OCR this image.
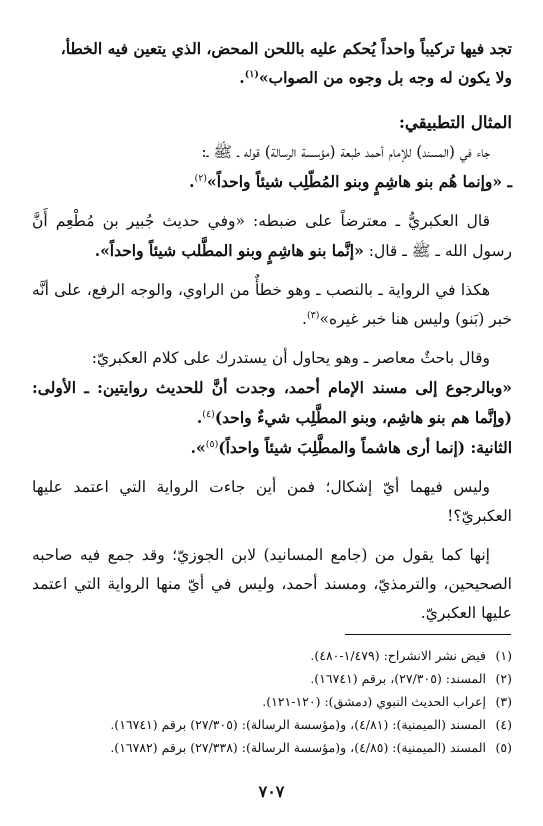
تجد فيها تركيباً واحداً يُحكم عليه باللحن المحض، الذي يتعين فيه الخطأ،
ولا يكون له وجه بل وجوه من الصواب»$^{(١)}$.

المثال التطبيقي:

جاء في (المسند) للإمام أحمد طبعة (مؤسسة الرسالة) قوله ـ ﷺ ـ:
ـ «وإنما هُم بنو هاشِمٍ وبنو المُطّلِب شيئاً واحداً»$^{(٢)}$.

قال العكبريُّ ـ معترضاً على ضبطه: «وفي حديث جُبير بن مُطْعِم أَنَّ رسول الله ـ ﷺ ـ قال: «إنَّما بنو هاشِمٍ وبنو المطَّلب شيئاً واحداً».

هكذا في الرواية ـ بالنصب ـ وهو خطأٌ من الراوي، والوجه الرفع، على أنَّه خبر (بَنو) وليس هنا خبر غيره»$^{(٣)}$.

وقال باحثٌ معاصر ـ وهو يحاول أن يستدرك على كلام العكبريّ:
«وبالرجوع إلى مسند الإمام أحمد، وجدت أنَّ للحديث روايتين: ـ الأولى: (وإنَّما هم بنو هاشِم، وبنو المطَّلِب شيءٌ واحد)$^{(٤)}$.
الثانية: (إنما أرى هاشماً والمطَّلِبَ شيئاً واحداً)$^{(٥)}$».

وليس فيهما أيّ إشكال؛ فمن أين جاءت الرواية التي اعتمد عليها العكبريّ؟!

إنها كما يقول من (جامع المسانيد) لابن الجوزيّ؛ وقد جمع فيه صاحبه الصحيحين، والترمذيّ، ومسند أحمد، وليس في أيّ منها الرواية التي اعتمد عليها العكبريّ.

(١)فيض نشر الانشراح: (١/٤٧٩-٤٨٠).

(٢)المسند: (٢٧/٣٠٥)، برقم (١٦٧٤١).

(٣)إعراب الحديث النبوي (دمشق): (١٢٠-١٢١).

(٤)المسند (الميمنية): (٤/٨١)، و(مؤسسة الرسالة): (٢٧/٣٠٥) برقم (١٦٧٤١).

(٥)المسند (الميمنية): (٤/٨٥)، و(مؤسسة الرسالة): (٢٧/٣٣٨) برقم (١٦٧٨٢).

٧٠٧
